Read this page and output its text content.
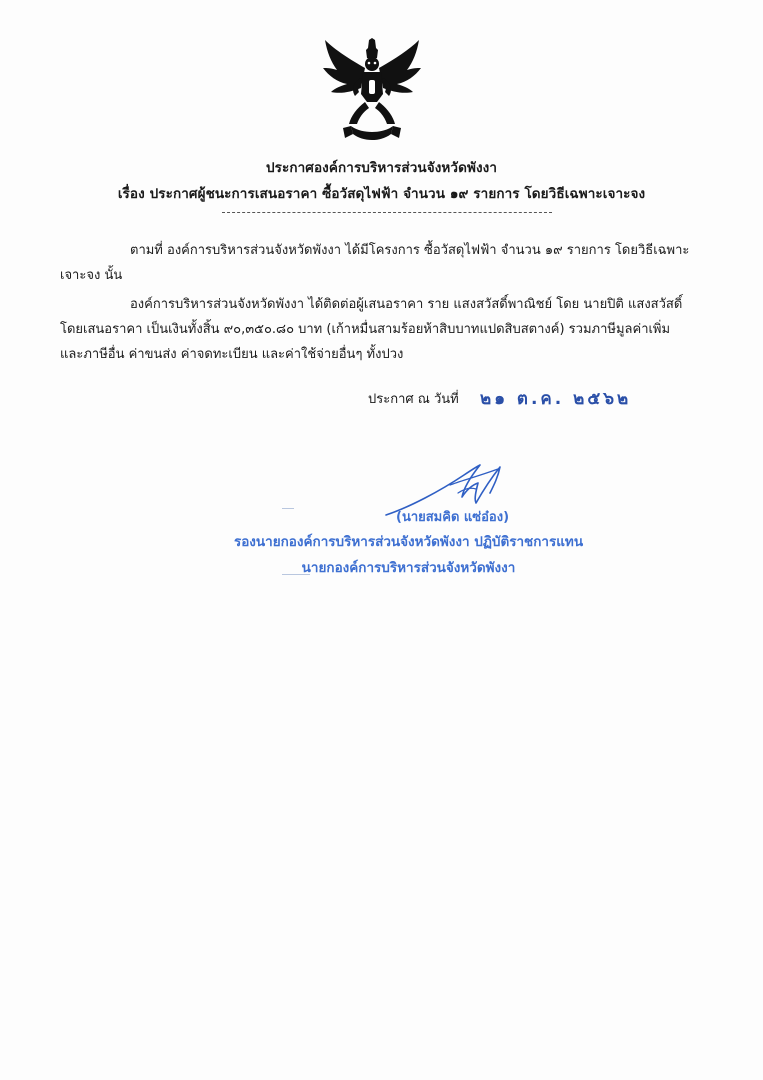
ประกาศองค์การบริหารส่วนจังหวัดพังงา
เรื่อง ประกาศผู้ชนะการเสนอราคา ซื้อวัสดุไฟฟ้า จำนวน ๑๙ รายการ โดยวิธีเฉพาะเจาะจง
ตามที่ องค์การบริหารส่วนจังหวัดพังงา ได้มีโครงการ ซื้อวัสดุไฟฟ้า จำนวน ๑๙ รายการ โดยวิธีเฉพาะ
เจาะจง นั้น
องค์การบริหารส่วนจังหวัดพังงา ได้ติดต่อผู้เสนอราคา ราย แสงสวัสดิ์พาณิชย์ โดย นายปิติ แสงสวัสดิ์
โดยเสนอราคา เป็นเงินทั้งสิ้น ๙๐,๓๕๐.๘๐ บาท (เก้าหมื่นสามร้อยห้าสิบบาทแปดสิบสตางค์) รวมภาษีมูลค่าเพิ่ม
และภาษีอื่น ค่าขนส่ง ค่าจดทะเบียน และค่าใช้จ่ายอื่นๆ ทั้งปวง
ประกาศ ณ วันที่ ๒๑ ต.ค. ๒๕๖๒
(นายสมคิด แซ่อ๋อง)
รองนายกองค์การบริหารส่วนจังหวัดพังงา ปฏิบัติราชการแทน
นายกองค์การบริหารส่วนจังหวัดพังงา
